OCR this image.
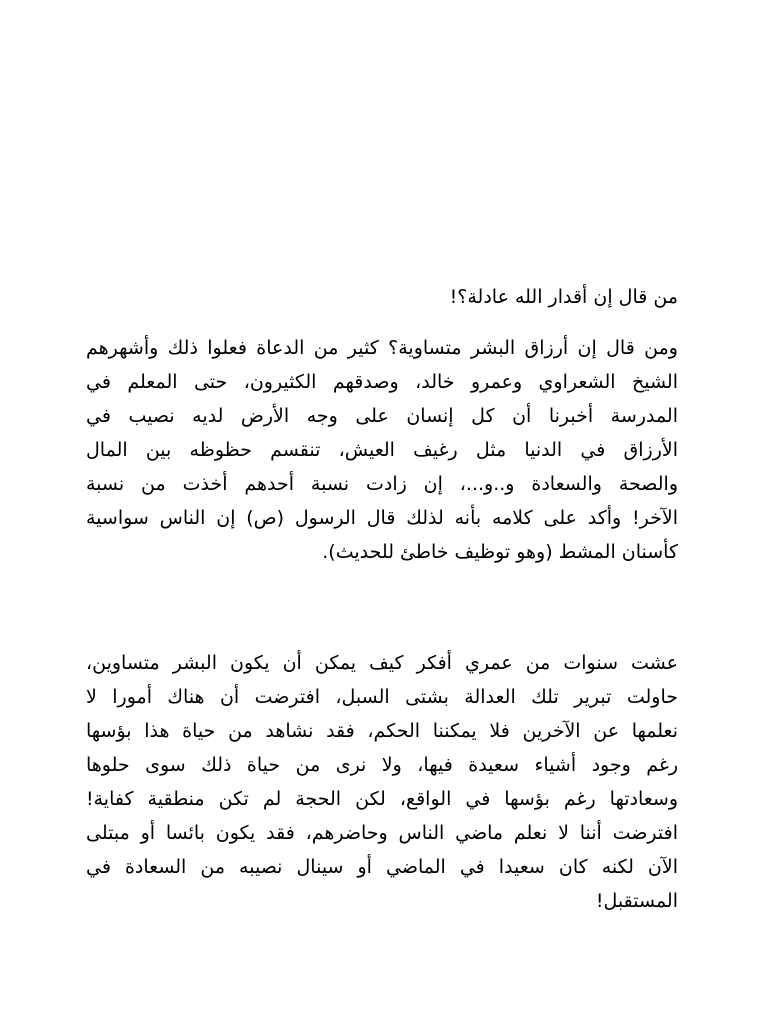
من قال إن أقدار الله عادلة؟!
ومن قال إن أرزاق البشر متساوية؟ كثير من الدعاة فعلوا ذلك وأشهرهم
الشيخ الشعراوي وعمرو خالد، وصدقهم الكثيرون، حتى المعلم في
المدرسة أخبرنا أن كل إنسان على وجه الأرض لديه نصيب في
الأرزاق في الدنيا مثل رغيف العيش، تنقسم حظوظه بين المال
والصحة والسعادة و..و...، إن زادت نسبة أحدهم أخذت من نسبة
الآخر! وأكد على كلامه بأنه لذلك قال الرسول (ص) إن الناس سواسية
كأسنان المشط (وهو توظيف خاطئ للحديث).
عشت سنوات من عمري أفكر كيف يمكن أن يكون البشر متساوين،
حاولت تبرير تلك العدالة بشتى السبل، افترضت أن هناك أمورا لا
نعلمها عن الآخرين فلا يمكننا الحكم، فقد نشاهد من حياة هذا بؤسها
رغم وجود أشياء سعيدة فيها، ولا نرى من حياة ذلك سوى حلوها
وسعادتها رغم بؤسها في الواقع، لكن الحجة لم تكن منطقية كفاية!
افترضت أننا لا نعلم ماضي الناس وحاضرهم، فقد يكون بائسا أو مبتلى
الآن لكنه كان سعيدا في الماضي أو سينال نصيبه من السعادة في
المستقبل!
